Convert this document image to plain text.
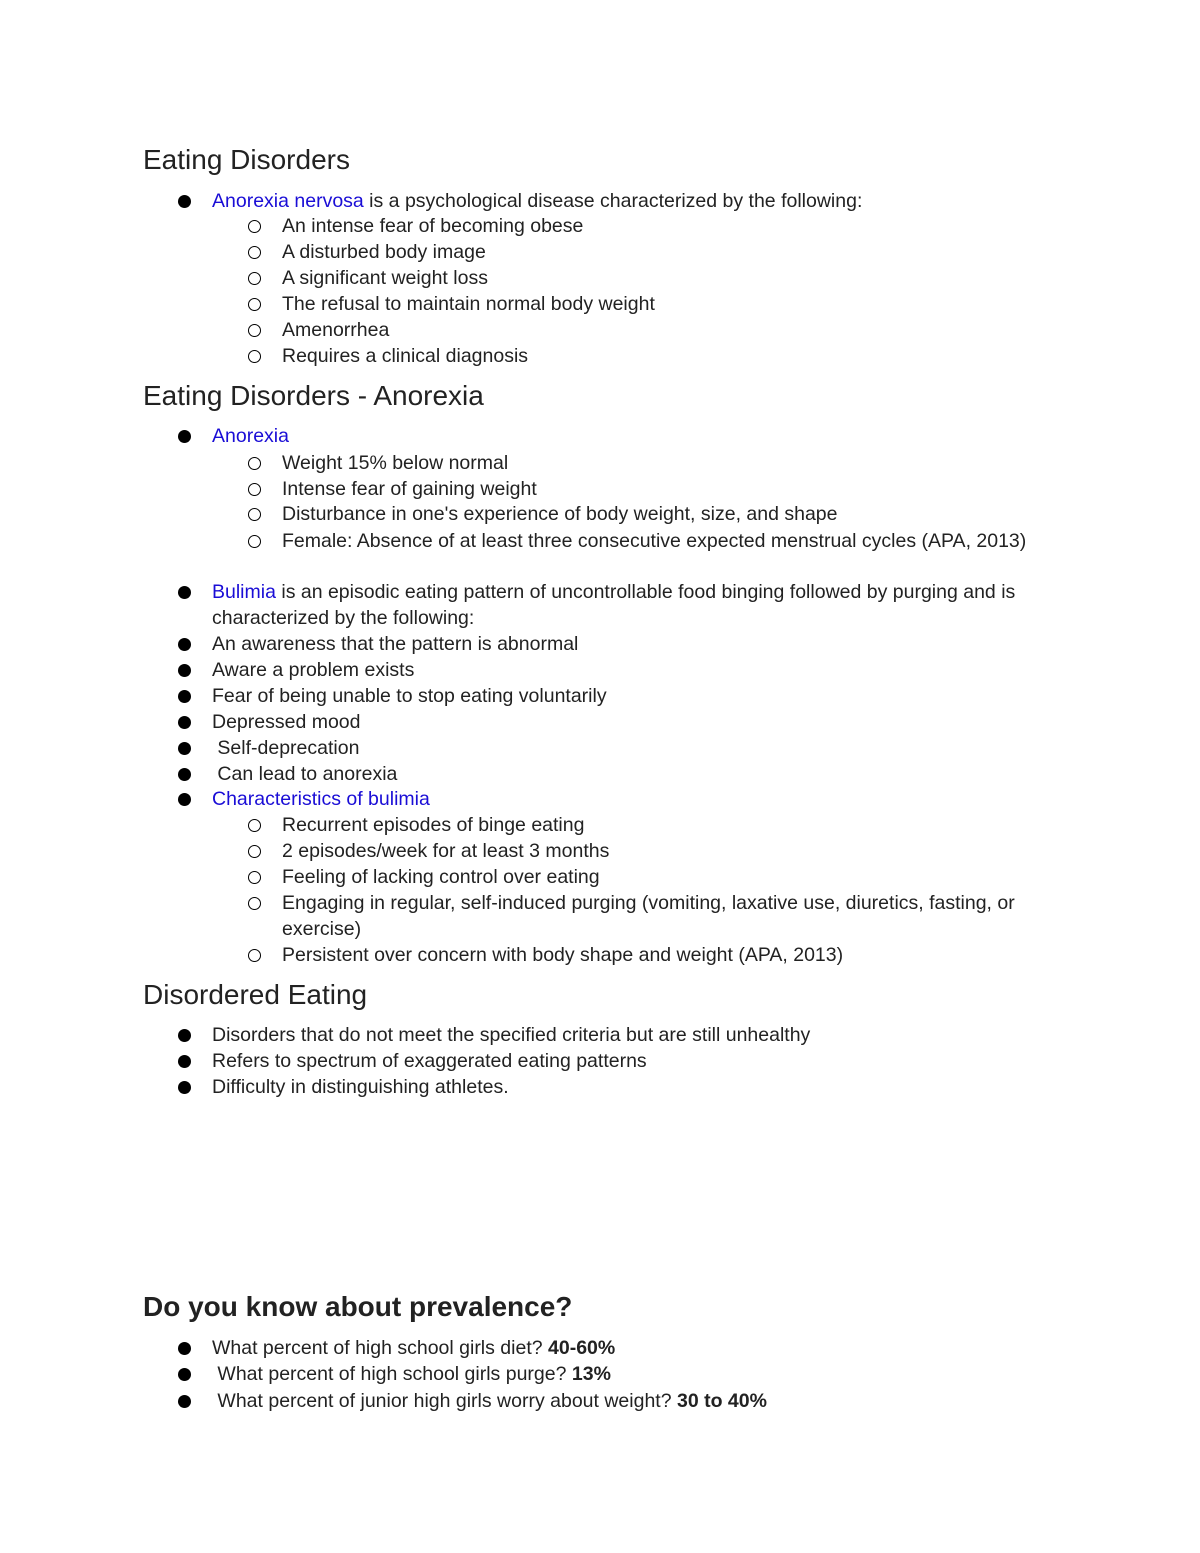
Eating Disorders
Anorexia nervosa is a psychological disease characterized by the following:
An intense fear of becoming obese
A disturbed body image
A significant weight loss
The refusal to maintain normal body weight
Amenorrhea
Requires a clinical diagnosis
Eating Disorders - Anorexia
Anorexia
Weight 15% below normal
Intense fear of gaining weight
Disturbance in one's experience of body weight, size, and shape
Female: Absence of at least three consecutive expected menstrual cycles (APA, 2013)
Bulimia is an episodic eating pattern of uncontrollable food binging followed by purging and is characterized by the following:
An awareness that the pattern is abnormal
Aware a problem exists
Fear of being unable to stop eating voluntarily
Depressed mood
Self-deprecation
Can lead to anorexia
Characteristics of bulimia
Recurrent episodes of binge eating
2 episodes/week for at least 3 months
Feeling of lacking control over eating
Engaging in regular, self-induced purging (vomiting, laxative use, diuretics, fasting, or exercise)
Persistent over concern with body shape and weight (APA, 2013)
Disordered Eating
Disorders that do not meet the specified criteria but are still unhealthy
Refers to spectrum of exaggerated eating patterns
Difficulty in distinguishing athletes.
Do you know about prevalence?
What percent of high school girls diet? 40-60%
What percent of high school girls purge? 13%
What percent of junior high girls worry about weight? 30 to 40%
